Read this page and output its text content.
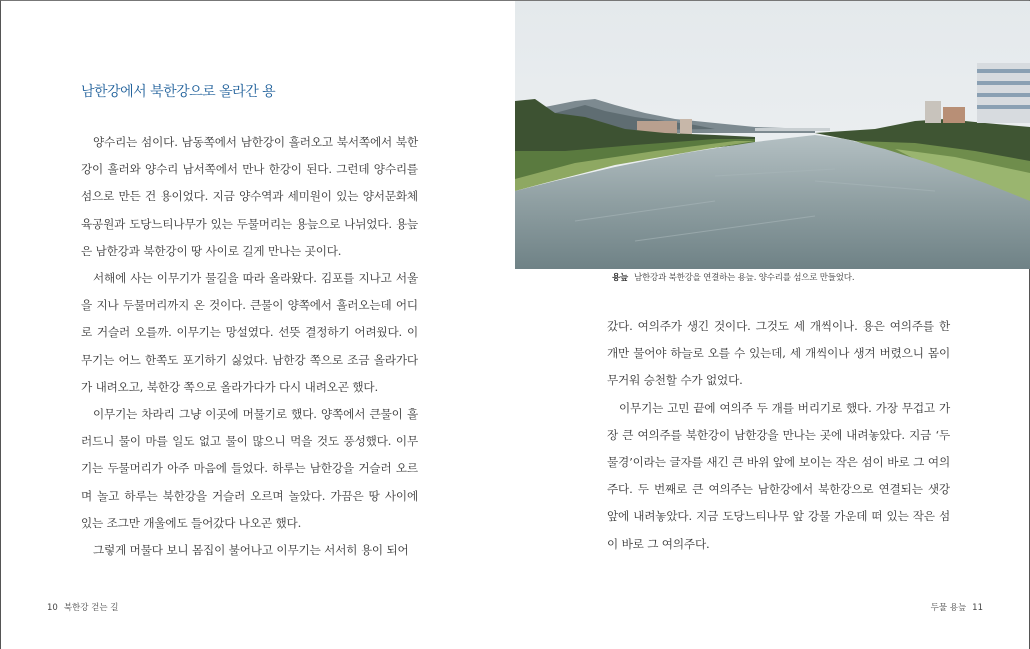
남한강에서 북한강으로 올라간 용

양수리는 섬이다. 남동쪽에서 남한강이 흘러오고 북서쪽에서 북한강이 흘러와 양수리 남서쪽에서 만나 한강이 된다. 그런데 양수리를 섬으로 만든 건 용이었다. 지금 양수역과 세미원이 있는 양서문화체육공원과 도당느티나무가 있는 두물머리는 용늪으로 나뉘었다. 용늪은 남한강과 북한강이 땅 사이로 길게 만나는 곳이다.

서해에 사는 이무기가 물길을 따라 올라왔다. 김포를 지나고 서울을 지나 두물머리까지 온 것이다. 큰물이 양쪽에서 흘러오는데 어디로 거슬러 오를까. 이무기는 망설였다. 선뜻 결정하기 어려웠다. 이무기는 어느 한쪽도 포기하기 싫었다. 남한강 쪽으로 조금 올라가다가 내려오고, 북한강 쪽으로 올라가다가 다시 내려오곤 했다.

이무기는 차라리 그냥 이곳에 머물기로 했다. 양쪽에서 큰물이 흘러드니 물이 마를 일도 없고 물이 많으니 먹을 것도 풍성했다. 이무기는 두물머리가 아주 마음에 들었다. 하루는 남한강을 거슬러 오르며 놀고 하루는 북한강을 거슬러 오르며 놀았다. 가끔은 땅 사이에 있는 조그만 개울에도 들어갔다 나오곤 했다.

그렇게 머물다 보니 몸집이 불어나고 이무기는 서서히 용이 되어

10 북한강 걷는 길
용늪 남한강과 북한강을 연결하는 용늪. 양수리를 섬으로 만들었다.

갔다. 여의주가 생긴 것이다. 그것도 세 개씩이나. 용은 여의주를 한 개만 물어야 하늘로 오를 수 있는데, 세 개씩이나 생겨 버렸으니 몸이 무거워 승천할 수가 없었다.

이무기는 고민 끝에 여의주 두 개를 버리기로 했다. 가장 무겁고 가장 큰 여의주를 북한강이 남한강을 만나는 곳에 내려놓았다. 지금 ‘두물경’이라는 글자를 새긴 큰 바위 앞에 보이는 작은 섬이 바로 그 여의주다. 두 번째로 큰 여의주는 남한강에서 북한강으로 연결되는 샛강 앞에 내려놓았다. 지금 도당느티나무 앞 강물 가운데 떠 있는 작은 섬이 바로 그 여의주다.

두물 용늪 11
